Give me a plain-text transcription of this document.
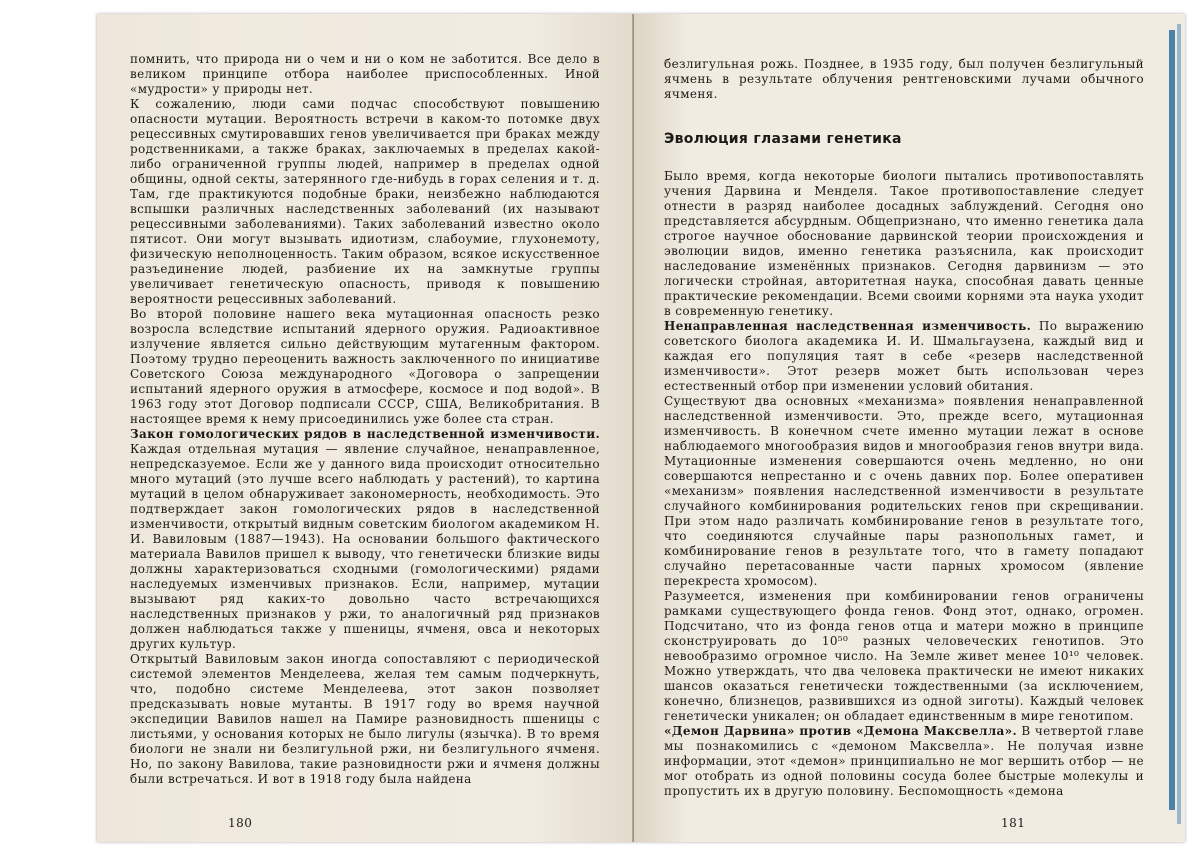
помнить, что природа ни о чем и ни о ком не заботится. Все дело в великом принципе отбора наиболее приспособленных. Иной «мудрости» у природы нет.

К сожалению, люди сами подчас способствуют повышению опасности мутации. Вероятность встречи в каком-то потомке двух рецессивных смутировавших генов увеличивается при браках между родственниками, а также браках, заключаемых в пределах какой-либо ограниченной группы людей, например в пределах одной общины, одной секты, затерянного где-нибудь в горах селения и т. д. Там, где практикуются подобные браки, неизбежно наблюдаются вспышки различных наследственных заболеваний (их называют рецессивными заболеваниями). Таких заболеваний известно около пятисот. Они могут вызывать идиотизм, слабоумие, глухонемоту, физическую неполноценность. Таким образом, всякое искусственное разъединение людей, разбиение их на замкнутые группы увеличивает генетическую опасность, приводя к повышению вероятности рецессивных заболеваний.

Во второй половине нашего века мутационная опасность резко возросла вследствие испытаний ядерного оружия. Радиоактивное излучение является сильно действующим мутагенным фактором. Поэтому трудно переоценить важность заключенного по инициативе Советского Союза международного «Договора о запрещении испытаний ядерного оружия в атмосфере, космосе и под водой». В 1963 году этот Договор подписали СССР, США, Великобритания. В настоящее время к нему присоединились уже более ста стран.

Закон гомологических рядов в наследственной изменчивости. Каждая отдельная мутация — явление случайное, ненаправленное, непредсказуемое. Если же у данного вида происходит относительно много мутаций (это лучше всего наблюдать у растений), то картина мутаций в целом обнаруживает закономерность, необходимость. Это подтверждает закон гомологических рядов в наследственной изменчивости, открытый видным советским биологом академиком Н. И. Вавиловым (1887—1943). На основании большого фактического материала Вавилов пришел к выводу, что генетически близкие виды должны характеризоваться сходными (гомологическими) рядами наследуемых изменчивых признаков. Если, например, мутации вызывают ряд каких-то довольно часто встречающихся наследственных признаков у ржи, то аналогичный ряд признаков должен наблюдаться также у пшеницы, ячменя, овса и некоторых других культур.

Открытый Вавиловым закон иногда сопоставляют с периодической системой элементов Менделеева, желая тем самым подчеркнуть, что, подобно системе Менделеева, этот закон позволяет предсказывать новые мутанты. В 1917 году во время научной экспедиции Вавилов нашел на Памире разновидность пшеницы с листьями, у основания которых не было лигулы (язычка). В то время биологи не знали ни безлигульной ржи, ни безлигульного ячменя. Но, по закону Вавилова, такие разновидности ржи и ячменя должны были встречаться. И вот в 1918 году была найдена

180

безлигульная рожь. Позднее, в 1935 году, был получен безлигульный ячмень в результате облучения рентгеновскими лучами обычного ячменя.

Эволюция глазами генетика

Было время, когда некоторые биологи пытались противопоставлять учения Дарвина и Менделя. Такое противопоставление следует отнести в разряд наиболее досадных заблуждений. Сегодня оно представляется абсурдным. Общепризнано, что именно генетика дала строгое научное обоснование дарвинской теории происхождения и эволюции видов, именно генетика разъяснила, как происходит наследование изменённых признаков. Сегодня дарвинизм — это логически стройная, авторитетная наука, способная давать ценные практические рекомендации. Всеми своими корнями эта наука уходит в современную генетику.

Ненаправленная наследственная изменчивость. По выражению советского биолога академика И. И. Шмальгаузена, каждый вид и каждая его популяция таят в себе «резерв наследственной изменчивости». Этот резерв может быть использован через естественный отбор при изменении условий обитания.

Существуют два основных «механизма» появления ненаправленной наследственной изменчивости. Это, прежде всего, мутационная изменчивость. В конечном счете именно мутации лежат в основе наблюдаемого многообразия видов и многообразия генов внутри вида. Мутационные изменения совершаются очень медленно, но они совершаются непрестанно и с очень давних пор. Более оперативен «механизм» появления наследственной изменчивости в результате случайного комбинирования родительских генов при скрещивании. При этом надо различать комбинирование генов в результате того, что соединяются случайные пары разнопольных гамет, и комбинирование генов в результате того, что в гамету попадают случайно перетасованные части парных хромосом (явление перекреста хромосом).

Разумеется, изменения при комбинировании генов ограничены рамками существующего фонда генов. Фонд этот, однако, огромен. Подсчитано, что из фонда генов отца и матери можно в принципе сконструировать до 10⁵⁰ разных человеческих генотипов. Это невообразимо огромное число. На Земле живет менее 10¹⁰ человек. Можно утверждать, что два человека практически не имеют никаких шансов оказаться генетически тождественными (за исключением, конечно, близнецов, развившихся из одной зиготы). Каждый человек генетически уникален; он обладает единственным в мире генотипом.

«Демон Дарвина» против «Демона Максвелла». В четвертой главе мы познакомились с «демоном Максвелла». Не получая извне информации, этот «демон» принципиально не мог вершить отбор — не мог отобрать из одной половины сосуда более быстрые молекулы и пропустить их в другую половину. Беспомощность «демона

181
